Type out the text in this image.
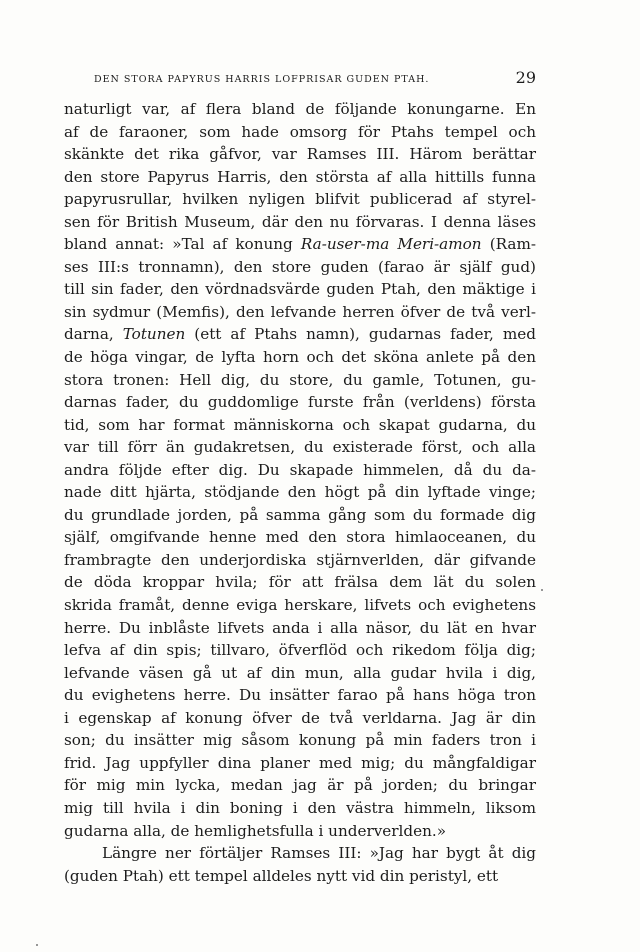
DEN STORA PAPYRUS HARRIS LOFPRISAR GUDEN PTAH.	29
naturligt var, af flera bland de följande konungarne. En
af de faraoner, som hade omsorg för Ptahs tempel och
skänkte det rika gåfvor, var Ramses III. Härom berättar
den store Papyrus Harris, den största af alla hittills funna
papyrusrullar, hvilken nyligen blifvit publicerad af styrel-
sen för British Museum, där den nu förvaras. I denna läses
bland annat: »Tal af konung Ra-user-ma Meri-amon (Ram-
ses III:s tronnamn), den store guden (farao är själf gud)
till sin fader, den vördnadsvärde guden Ptah, den mäktige i
sin sydmur (Memfis), den lefvande herren öfver de två verl-
darna, Totunen (ett af Ptahs namn), gudarnas fader, med
de höga vingar, de lyfta horn och det sköna anlete på den
stora tronen: Hell dig, du store, du gamle, Totunen, gu-
darnas fader, du guddomlige furste från (verldens) första
tid, som har format människorna och skapat gudarna, du
var till förr än gudakretsen, du existerade först, och alla
andra följde efter dig. Du skapade himmelen, då du da-
nade ditt hjärta, stödjande den högt på din lyftade vinge;
du grundlade jorden, på samma gång som du formade dig
själf, omgifvande henne med den stora himlaoceanen, du
frambragte den underjordiska stjärnverlden, där gifvande
de döda kroppar hvila; för att frälsa dem lät du solen
skrida framåt, denne eviga herskare, lifvets och evighetens
herre. Du inblåste lifvets anda i alla näsor, du lät en hvar
lefva af din spis; tillvaro, öfverflöd och rikedom följa dig;
lefvande väsen gå ut af din mun, alla gudar hvila i dig,
du evighetens herre. Du insätter farao på hans höga tron
i egenskap af konung öfver de två verldarna. Jag är din
son; du insätter mig såsom konung på min faders tron i
frid. Jag uppfyller dina planer med mig; du mångfaldigar
för mig min lycka, medan jag är på jorden; du bringar
mig till hvila i din boning i den västra himmeln, liksom
gudarna alla, de hemlighetsfulla i underverlden.»
Längre ner förtäljer Ramses III: »Jag har bygt åt dig
(guden Ptah) ett tempel alldeles nytt vid din peristyl, ett
